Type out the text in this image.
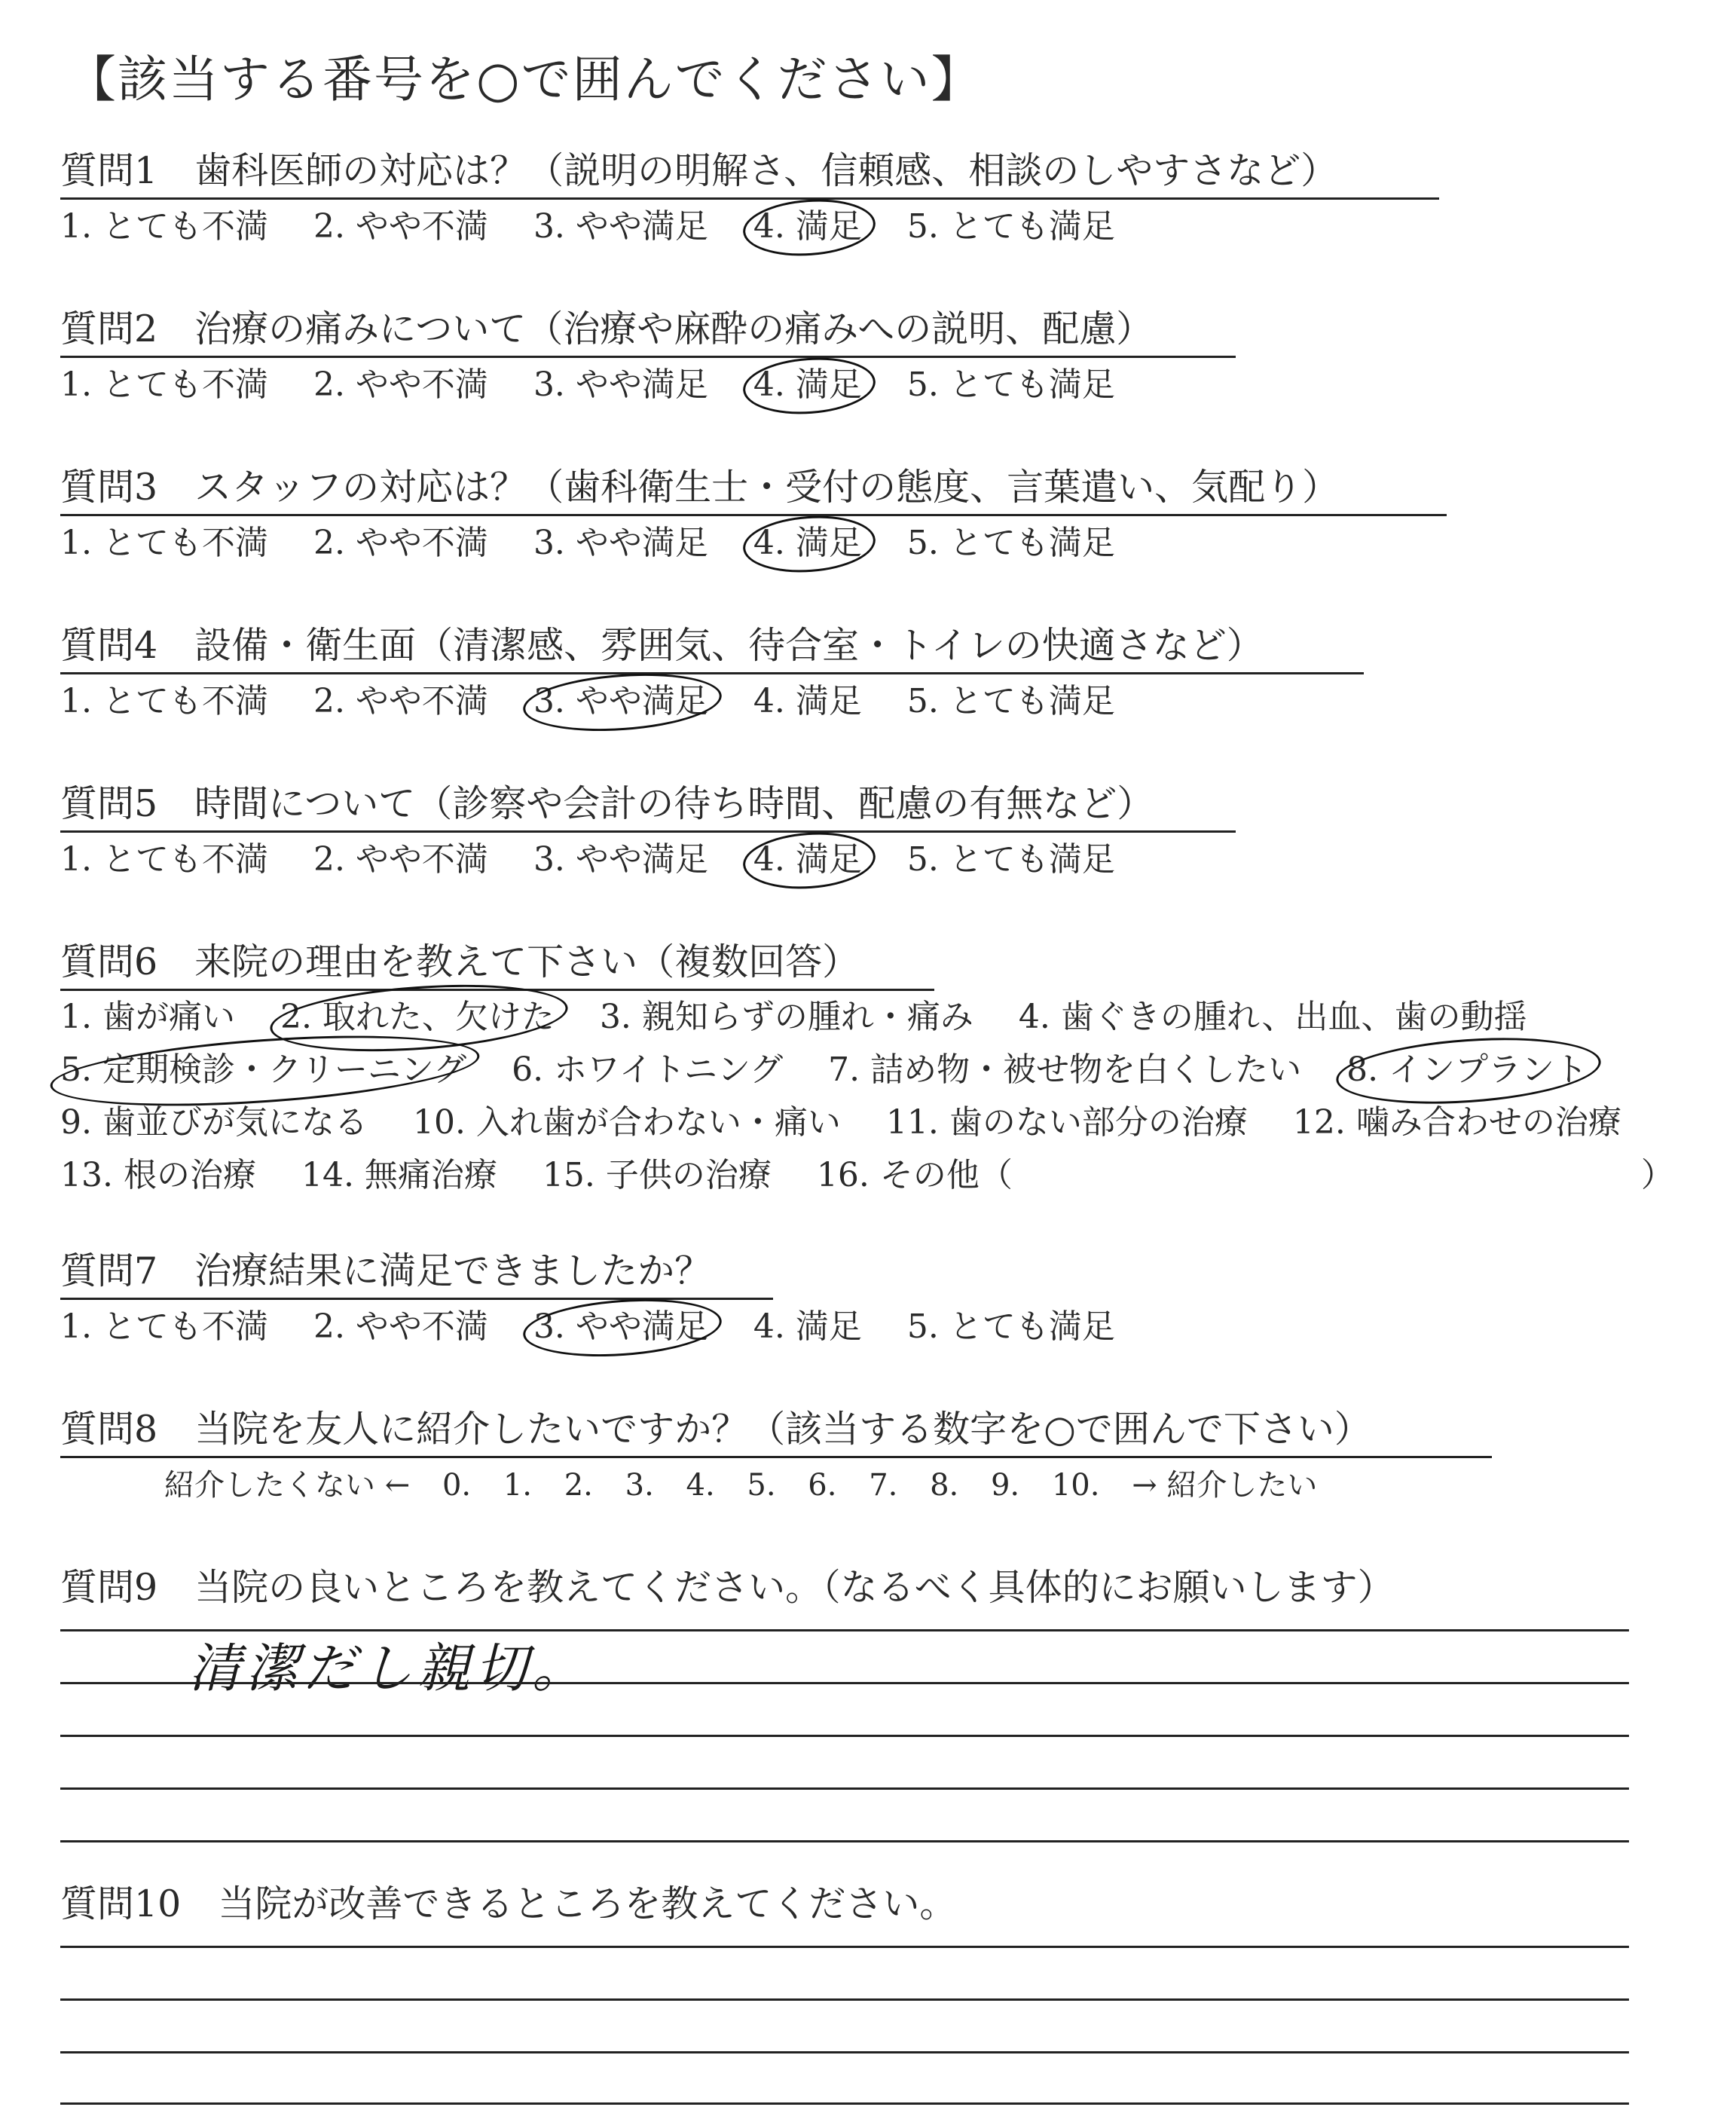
【該当する番号を○で囲んでください】
質問1　歯科医師の対応は？（説明の明解さ、信頼感、相談のしやすさなど）
1. とても不満 2. やや不満 3. やや満足 4. 満足 5. とても満足
質問2　治療の痛みについて（治療や麻酔の痛みへの説明、配慮）
1. とても不満 2. やや不満 3. やや満足 4. 満足 5. とても満足
質問3　スタッフの対応は？（歯科衛生士・受付の態度、言葉遣い、気配り）
1. とても不満 2. やや不満 3. やや満足 4. 満足 5. とても満足
質問4　設備・衛生面（清潔感、雰囲気、待合室・トイレの快適さなど）
1. とても不満 2. やや不満 3. やや満足 4. 満足 5. とても満足
質問5　時間について（診察や会計の待ち時間、配慮の有無など）
1. とても不満 2. やや不満 3. やや満足 4. 満足 5. とても満足
質問6　来院の理由を教えて下さい（複数回答）
1. 歯が痛い 2. 取れた、欠けた 3. 親知らずの腫れ・痛み 4. 歯ぐきの腫れ、出血、歯の動揺
5. 定期検診・クリーニング 6. ホワイトニング 7. 詰め物・被せ物を白くしたい 8. インプラント
9. 歯並びが気になる 10. 入れ歯が合わない・痛い 11. 歯のない部分の治療 12. 噛み合わせの治療
13. 根の治療 14. 無痛治療 15. 子供の治療 16. その他（	）
質問7　治療結果に満足できましたか？
1. とても不満 2. やや不満 3. やや満足 4. 満足 5. とても満足
質問8　当院を友人に紹介したいですか？（該当する数字を○で囲んで下さい）
紹介したくない ← 0. 1. 2. 3. 4. 5. 6. 7. 8. 9. 10. → 紹介したい
質問9　当院の良いところを教えてください。（なるべく具体的にお願いします）
清潔だし親切。
質問10　当院が改善できるところを教えてください。
